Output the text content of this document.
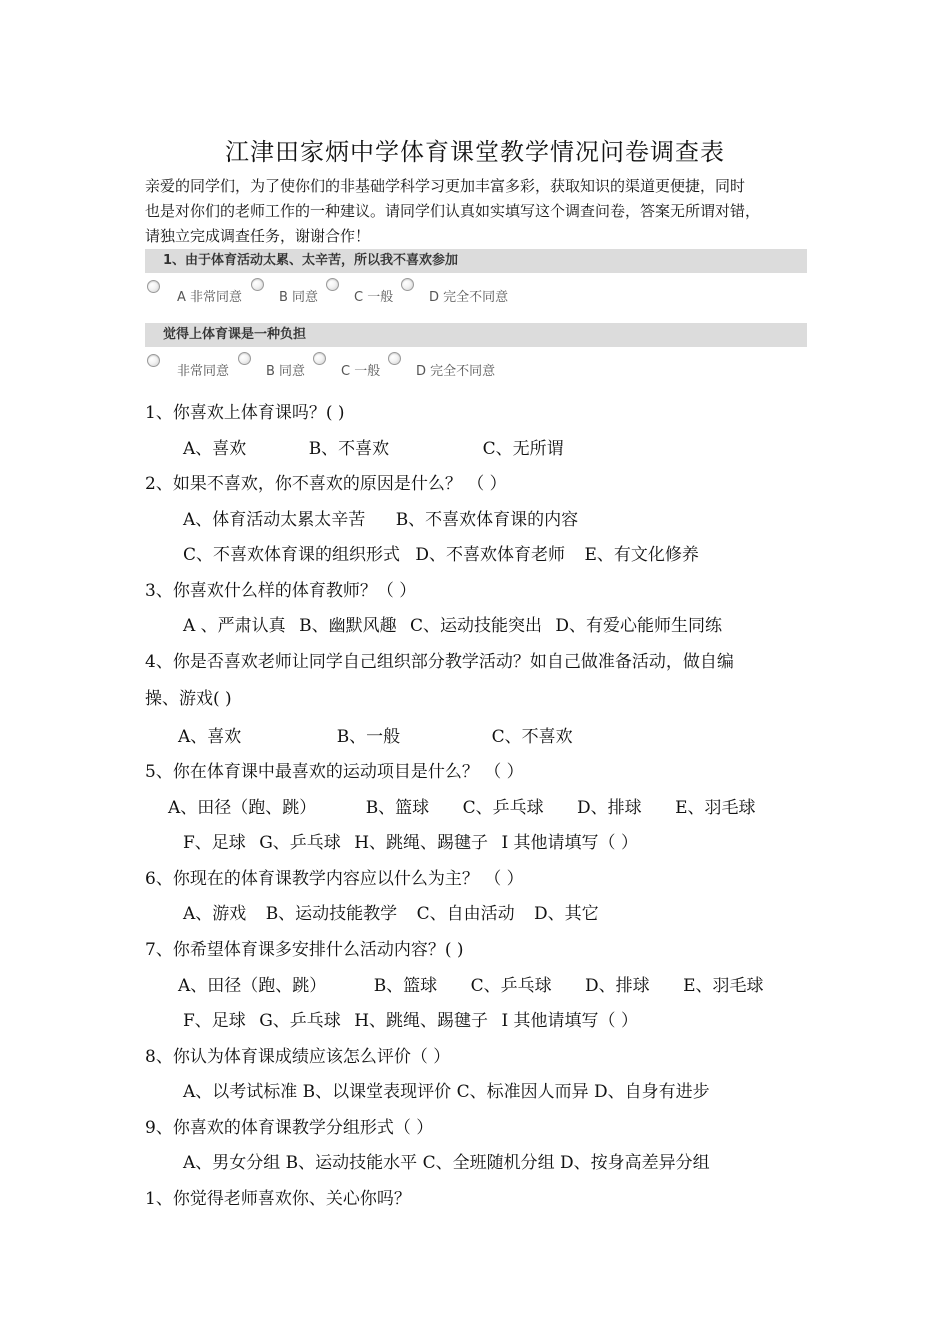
江津田家炳中学体育课堂教学情况问卷调查表

亲爱的同学们，为了使你们的非基础学科学习更加丰富多彩，获取知识的渠道更便捷，同时

也是对你们的老师工作的一种建议。请同学们认真如实填写这个调查问卷，答案无所谓对错，

请独立完成调查任务，谢谢合作！

1、由于体育活动太累、太辛苦，所以我不喜欢参加
A 非常同意	B 同意	C 一般	D 完全不同意
觉得上体育课是一种负担
非常同意	B 同意	C 一般	D 完全不同意

1、你喜欢上体育课吗？( )

A、喜欢	B、不喜欢	C、无所谓

2、如果不喜欢，你不喜欢的原因是什么？ （ ）

A、体育活动太累太辛苦 B、不喜欢体育课的内容

C、不喜欢体育课的组织形式 D、不喜欢体育老师 E、有文化修养

3、你喜欢什么样的体育教师？（ ）

A 、严肃认真 B、幽默风趣 C、运动技能突出 D、有爱心能师生同练

4、你是否喜欢老师让同学自己组织部分教学活动？如自己做准备活动，做自编

操、游戏( )

A、喜欢	B、一般	C、不喜欢

5、你在体育课中最喜欢的运动项目是什么？ （ ）

A、田径（跑、跳）	B、篮球 C、乒乓球 D、排球 E、羽毛球

F、足球 G、乒乓球 H、跳绳、踢毽子 I 其他请填写（ ）

6、你现在的体育课教学内容应以什么为主？ （ ）

A、游戏 B、运动技能教学 C、自由活动 D、其它

7、你希望体育课多安排什么活动内容？( )

A、田径（跑、跳）	B、篮球 C、乒乓球 D、排球 E、羽毛球

F、足球 G、乒乓球 H、跳绳、踢毽子 I 其他请填写（ ）

8、你认为体育课成绩应该怎么评价（ ）

A、以考试标准 B、以课堂表现评价 C、标准因人而异 D、自身有进步

9、你喜欢的体育课教学分组形式（ ）

A、男女分组 B、运动技能水平 C、全班随机分组 D、按身高差异分组

1、你觉得老师喜欢你、关心你吗？
